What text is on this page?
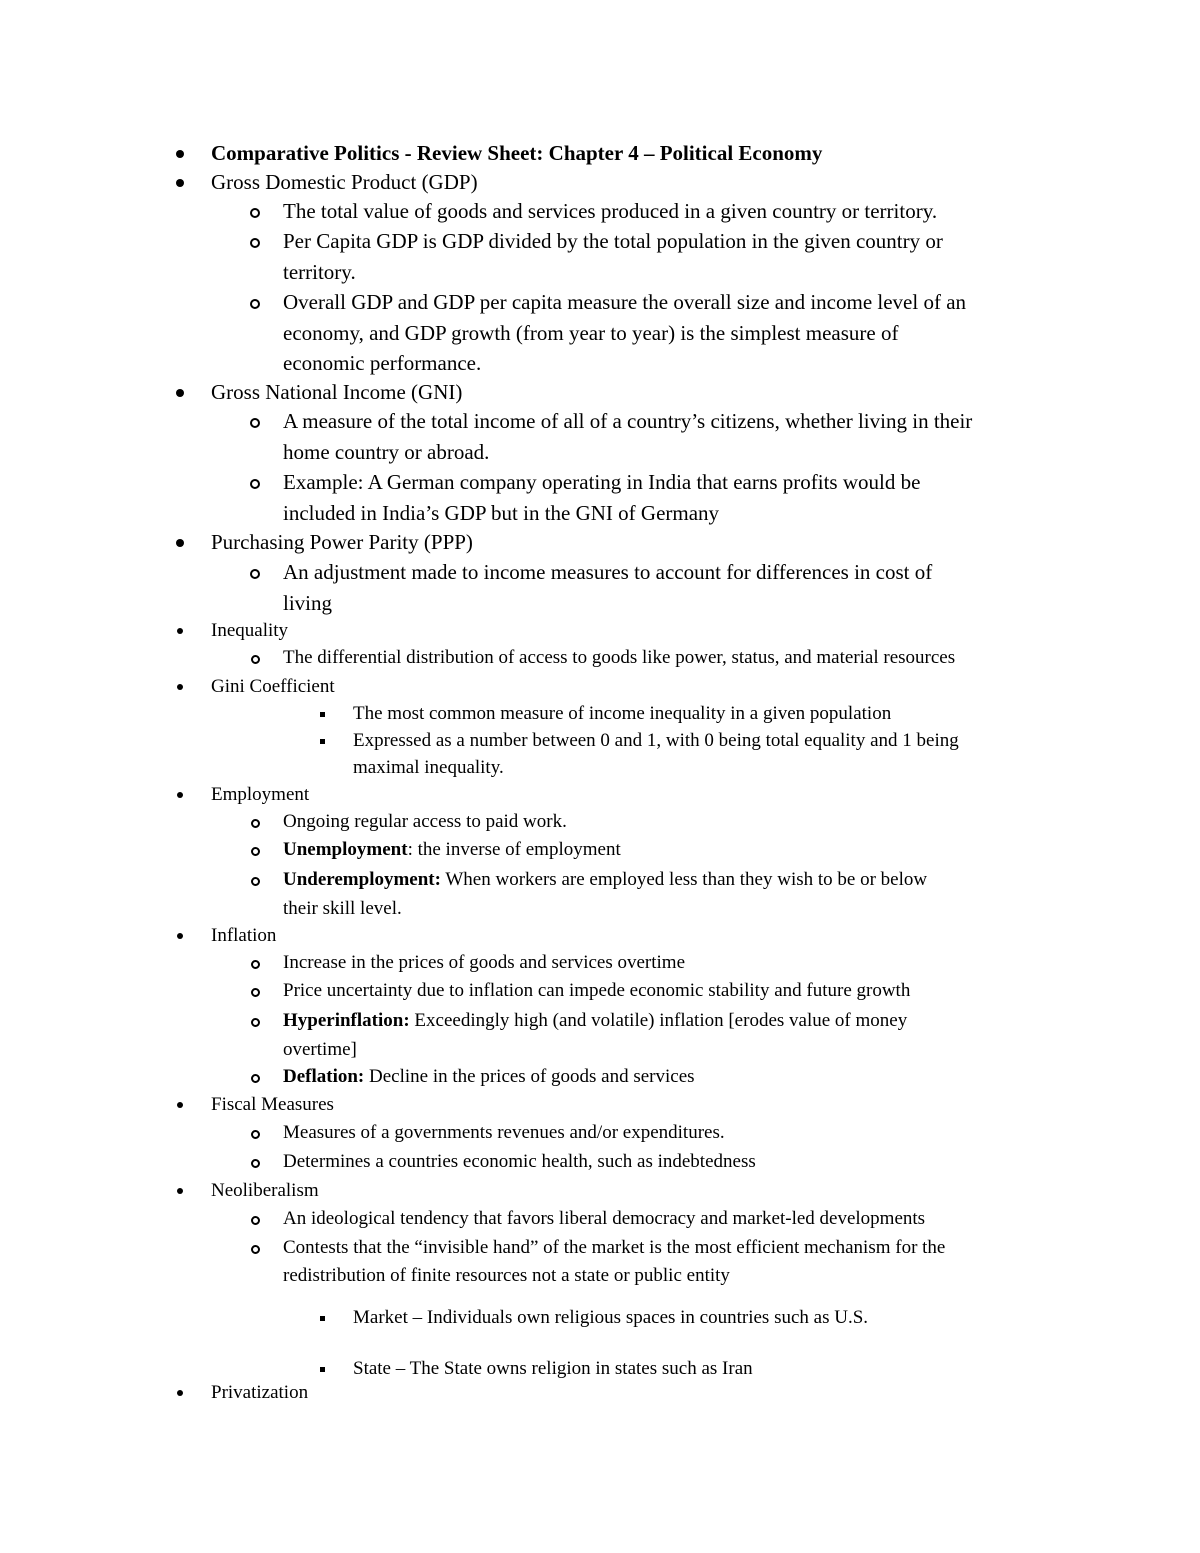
Comparative Politics - Review Sheet: Chapter 4 – Political Economy
Gross Domestic Product (GDP)
The total value of goods and services produced in a given country or territory.
Per Capita GDP is GDP divided by the total population in the given country or
territory.
Overall GDP and GDP per capita measure the overall size and income level of an
economy, and GDP growth (from year to year) is the simplest measure of
economic performance.
Gross National Income (GNI)
A measure of the total income of all of a country’s citizens, whether living in their
home country or abroad.
Example: A German company operating in India that earns profits would be
included in India’s GDP but in the GNI of Germany
Purchasing Power Parity (PPP)
An adjustment made to income measures to account for differences in cost of
living
Inequality
The differential distribution of access to goods like power, status, and material resources
Gini Coefficient
The most common measure of income inequality in a given population
Expressed as a number between 0 and 1, with 0 being total equality and 1 being
maximal inequality.
Employment
Ongoing regular access to paid work.
Unemployment: the inverse of employment
Underemployment: When workers are employed less than they wish to be or below
their skill level.
Inflation
Increase in the prices of goods and services overtime
Price uncertainty due to inflation can impede economic stability and future growth
Hyperinflation: Exceedingly high (and volatile) inflation [erodes value of money
overtime]
Deflation: Decline in the prices of goods and services
Fiscal Measures
Measures of a governments revenues and/or expenditures.
Determines a countries economic health, such as indebtedness
Neoliberalism
An ideological tendency that favors liberal democracy and market-led developments
Contests that the “invisible hand” of the market is the most efficient mechanism for the
redistribution of finite resources not a state or public entity
Market – Individuals own religious spaces in countries such as U.S.
State – The State owns religion in states such as Iran
Privatization
